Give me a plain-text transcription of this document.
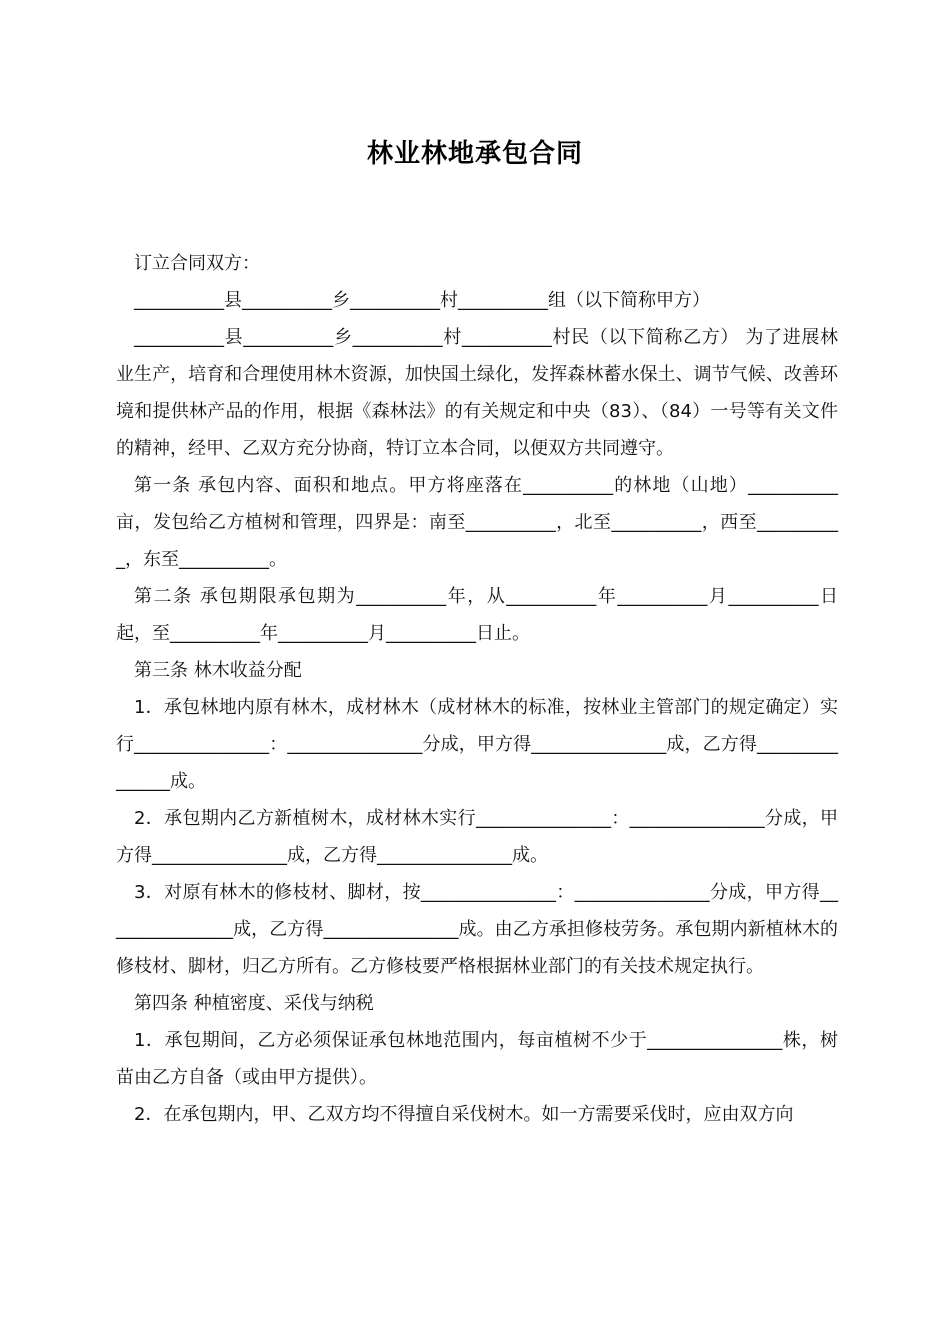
林业林地承包合同

订立合同双方：

__________县__________乡__________村__________组（以下简称甲方）

__________县__________乡__________村__________村民（以下简称乙方） 为了进展林业生产，培育和合理使用林木资源，加快国土绿化，发挥森林蓄水保土、调节气候、改善环境和提供林产品的作用，根据《森林法》的有关规定和中央（83）、（84）一号等有关文件的精神，经甲、乙双方充分协商，特订立本合同，以便双方共同遵守。

第一条 承包内容、面积和地点。甲方将座落在__________的林地（山地）__________亩，发包给乙方植树和管理，四界是：南至__________，北至__________，西至__________，东至__________。

第二条 承包期限承包期为__________年，从__________年__________月__________日起，至__________年__________月__________日止。

第三条 林木收益分配

1．承包林地内原有林木，成材林木（成材林木的标准，按林业主管部门的规定确定）实行_______________：_______________分成，甲方得_______________成，乙方得_______________成。

2．承包期内乙方新植树木，成材林木实行_______________：_______________分成，甲方得_______________成，乙方得_______________成。

3．对原有林木的修枝材、脚材，按_______________：_______________分成，甲方得_______________成，乙方得_______________成。由乙方承担修枝劳务。承包期内新植林木的修枝材、脚材，归乙方所有。乙方修枝要严格根据林业部门的有关技术规定执行。

第四条 种植密度、采伐与纳税

1．承包期间，乙方必须保证承包林地范围内，每亩植树不少于_______________株，树苗由乙方自备（或由甲方提供）。

2．在承包期内，甲、乙双方均不得擅自采伐树木。如一方需要采伐时，应由双方向
